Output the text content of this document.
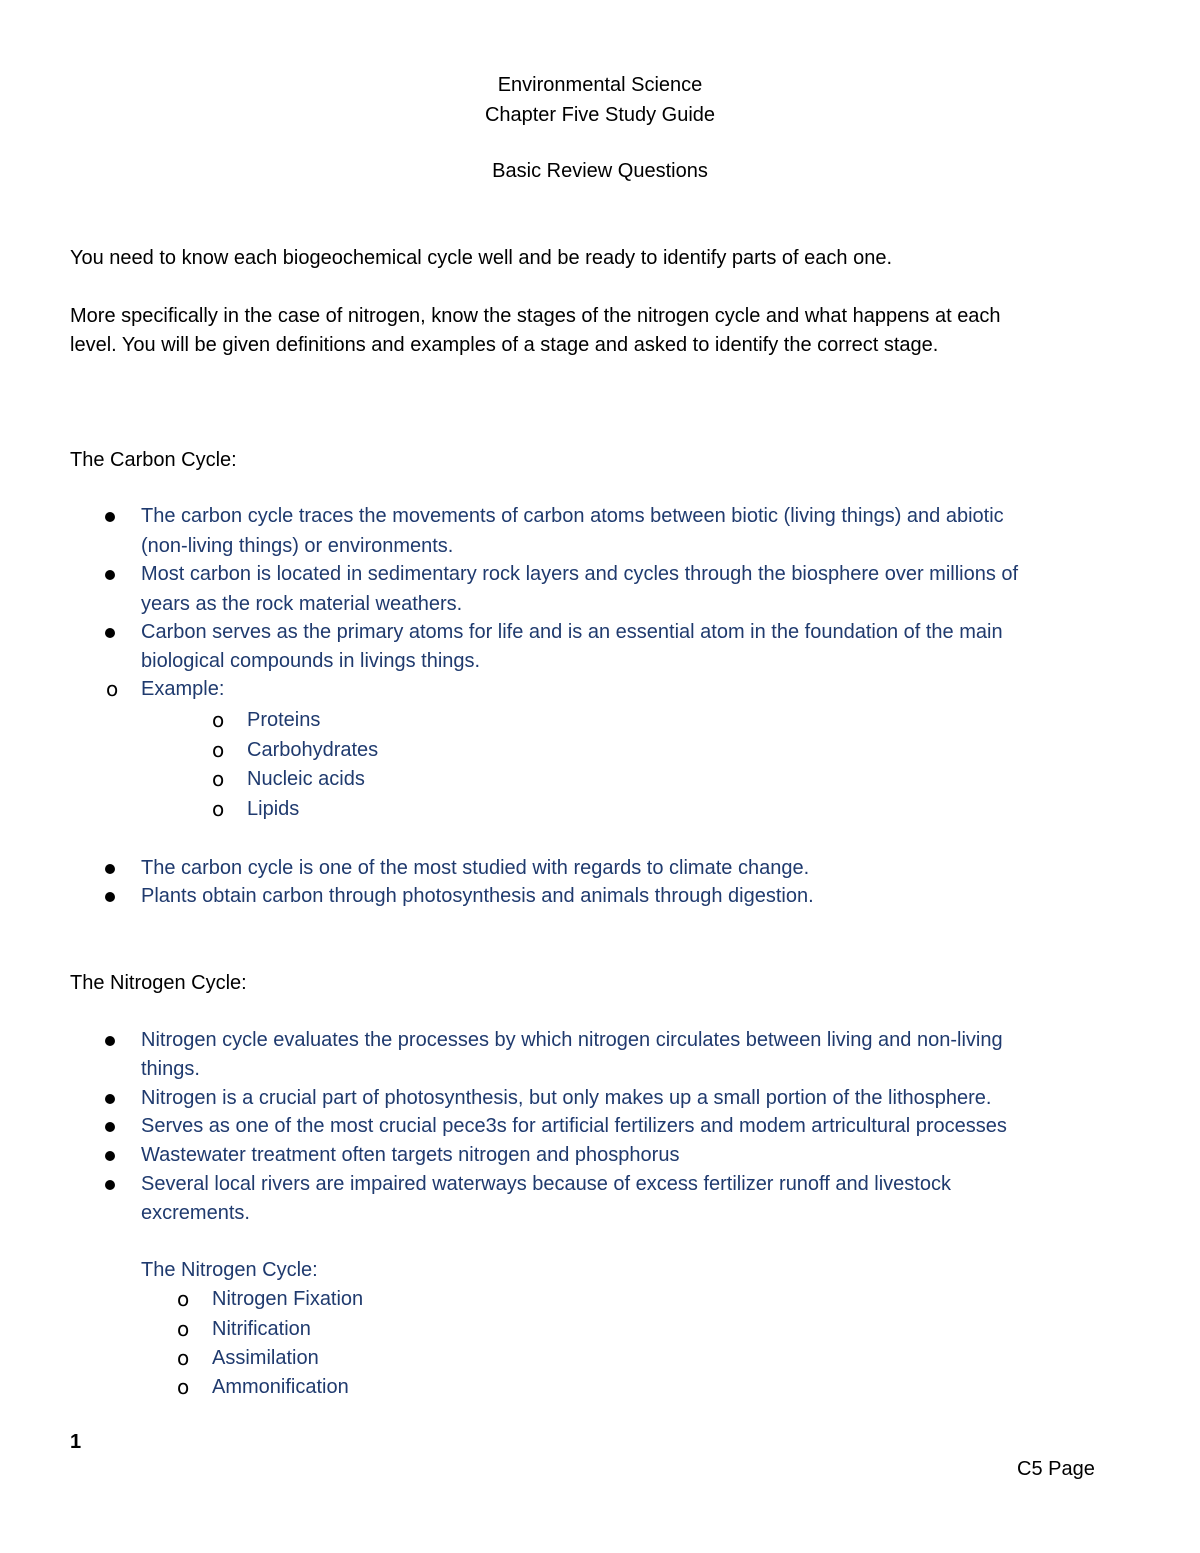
Environmental Science
Chapter Five Study Guide
Basic Review Questions
You need to know each biogeochemical cycle well and be ready to identify parts of each one.
More specifically in the case of nitrogen, know the stages of the nitrogen cycle and what happens at each
level. You will be given definitions and examples of a stage and asked to identify the correct stage.
The Carbon Cycle:
The carbon cycle traces the movements of carbon atoms between biotic (living things) and abiotic
(non-living things) or environments.
Most carbon is located in sedimentary rock layers and cycles through the biosphere over millions of
years as the rock material weathers.
Carbon serves as the primary atoms for life and is an essential atom in the foundation of the main
biological compounds in livings things.
o Example:
o Proteins
o Carbohydrates
o Nucleic acids
o Lipids
The carbon cycle is one of the most studied with regards to climate change.
Plants obtain carbon through photosynthesis and animals through digestion.
The Nitrogen Cycle:
Nitrogen cycle evaluates the processes by which nitrogen circulates between living and non-living
things.
Nitrogen is a crucial part of photosynthesis, but only makes up a small portion of the lithosphere.
Serves as one of the most crucial pece3s for artificial fertilizers and modem artricultural processes
Wastewater treatment often targets nitrogen and phosphorus
Several local rivers are impaired waterways because of excess fertilizer runoff and livestock
excrements.
The Nitrogen Cycle:
o Nitrogen Fixation
o Nitrification
o Assimilation
o Ammonification
1
C5 Page
